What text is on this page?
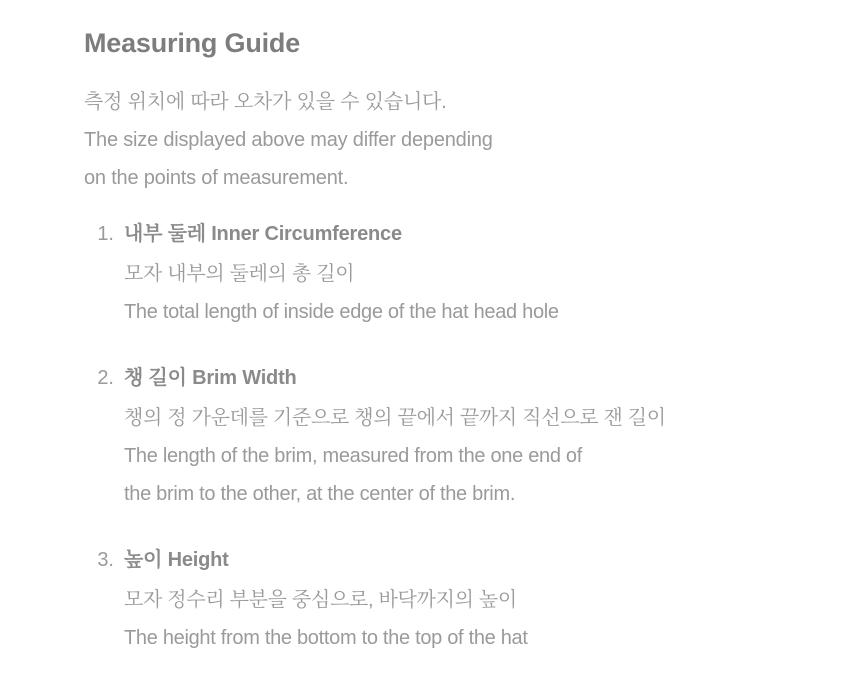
Measuring Guide
측정 위치에 따라 오차가 있을 수 있습니다.
The size displayed above may differ depending
on the points of measurement.
1. 내부 둘레 Inner Circumference
모자 내부의 둘레의 총 길이
The total length of inside edge of the hat head hole
2. 챙 길이 Brim Width
챙의 정 가운데를 기준으로 챙의 끝에서 끝까지 직선으로 잰 길이
The length of the brim, measured from the one end of
the brim to the other, at the center of the brim.
3. 높이 Height
모자 정수리 부분을 중심으로, 바닥까지의 높이
The height from the bottom to the top of the hat
